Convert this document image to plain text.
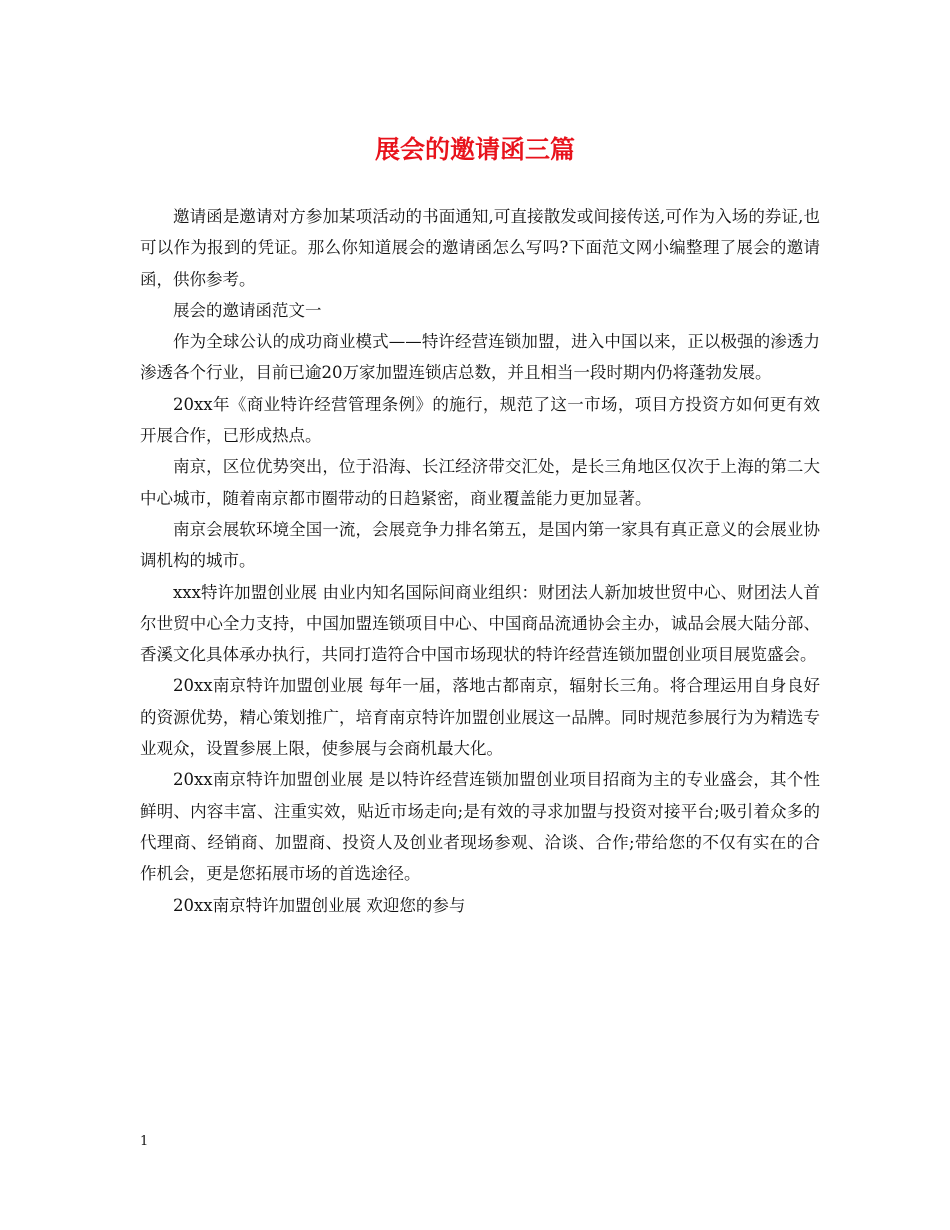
展会的邀请函三篇

邀请函是邀请对方参加某项活动的书面通知,可直接散发或间接传送,可作为入场的券证,也可以作为报到的凭证。那么你知道展会的邀请函怎么写吗?下面范文网小编整理了展会的邀请函，供你参考。

展会的邀请函范文一

作为全球公认的成功商业模式——特许经营连锁加盟，进入中国以来，正以极强的渗透力渗透各个行业，目前已逾20万家加盟连锁店总数，并且相当一段时期内仍将蓬勃发展。

20xx年《商业特许经营管理条例》的施行，规范了这一市场，项目方投资方如何更有效开展合作，已形成热点。

南京，区位优势突出，位于沿海、长江经济带交汇处，是长三角地区仅次于上海的第二大中心城市，随着南京都市圈带动的日趋紧密，商业覆盖能力更加显著。

南京会展软环境全国一流，会展竞争力排名第五，是国内第一家具有真正意义的会展业协调机构的城市。

xxx特许加盟创业展 由业内知名国际间商业组织：财团法人新加坡世贸中心、财团法人首尔世贸中心全力支持，中国加盟连锁项目中心、中国商品流通协会主办，诚品会展大陆分部、香溪文化具体承办执行，共同打造符合中国市场现状的特许经营连锁加盟创业项目展览盛会。

20xx南京特许加盟创业展 每年一届，落地古都南京，辐射长三角。将合理运用自身良好的资源优势，精心策划推广，培育南京特许加盟创业展这一品牌。同时规范参展行为为精选专业观众，设置参展上限，使参展与会商机最大化。

20xx南京特许加盟创业展 是以特许经营连锁加盟创业项目招商为主的专业盛会，其个性鲜明、内容丰富、注重实效，贴近市场走向;是有效的寻求加盟与投资对接平台;吸引着众多的代理商、经销商、加盟商、投资人及创业者现场参观、洽谈、合作;带给您的不仅有实在的合作机会，更是您拓展市场的首选途径。

20xx南京特许加盟创业展 欢迎您的参与

1
